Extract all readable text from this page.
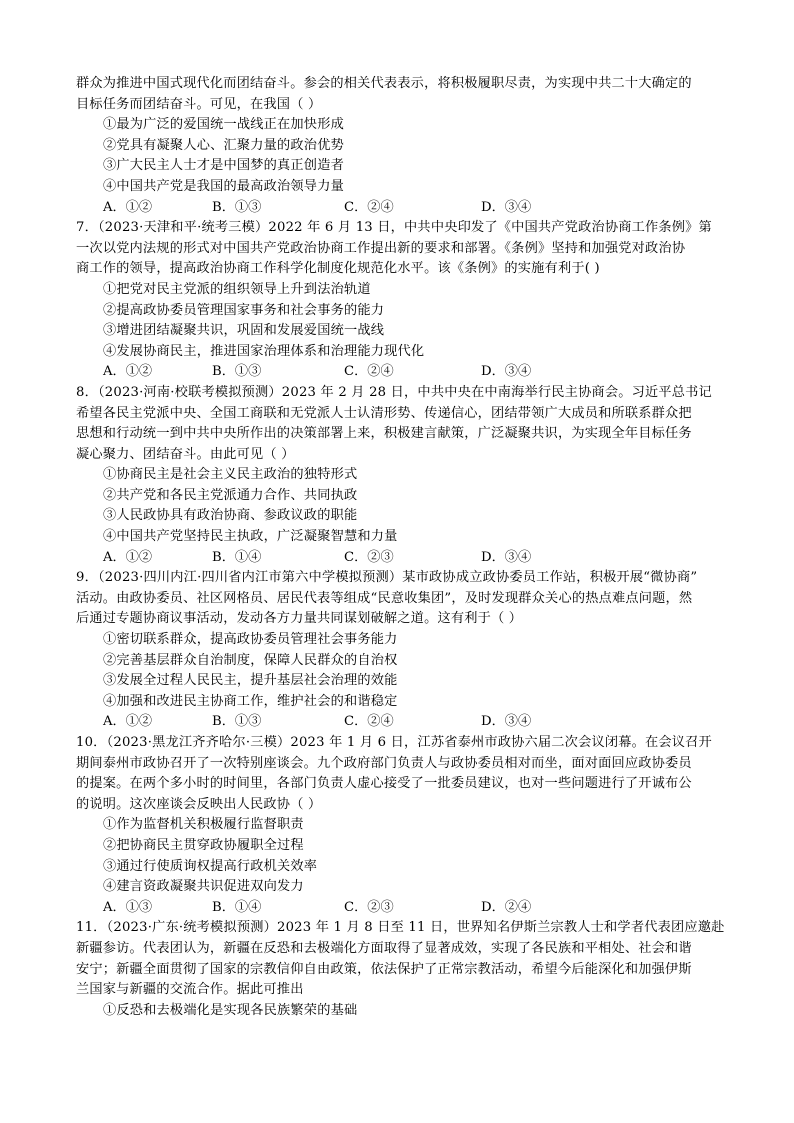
群众为推进中国式现代化而团结奋斗。参会的相关代表表示，将积极履职尽责，为实现中共二十大确定的
目标任务而团结奋斗。可见，在我国（ ）
①最为广泛的爱国统一战线正在加快形成
②党具有凝聚人心、汇聚力量的政治优势
③广大民主人士才是中国梦的真正创造者
④中国共产党是我国的最高政治领导力量
A．①②	B．①③	C．②④	D．③④
7．（2023·天津和平·统考三模）2022 年 6 月 13 日，中共中央印发了《中国共产党政治协商工作条例》第
一次以党内法规的形式对中国共产党政治协商工作提出新的要求和部署。《条例》坚持和加强党对政治协
商工作的领导，提高政治协商工作科学化制度化规范化水平。该《条例》的实施有利于( )
①把党对民主党派的组织领导上升到法治轨道
②提高政协委员管理国家事务和社会事务的能力
③增进团结凝聚共识，巩固和发展爱国统一战线
④发展协商民主，推进国家治理体系和治理能力现代化
A．①②	B．①③	C．②④	D．③④
8．（2023·河南·校联考模拟预测）2023 年 2 月 28 日，中共中央在中南海举行民主协商会。习近平总书记
希望各民主党派中央、全国工商联和无党派人士认清形势、传递信心，团结带领广大成员和所联系群众把
思想和行动统一到中共中央所作出的决策部署上来，积极建言献策，广泛凝聚共识，为实现全年目标任务
凝心聚力、团结奋斗。由此可见（ ）
①协商民主是社会主义民主政治的独特形式
②共产党和各民主党派通力合作、共同执政
③人民政协具有政治协商、参政议政的职能
④中国共产党坚持民主执政，广泛凝聚智慧和力量
A．①②	B．①④	C．②③	D．③④
9．（2023·四川内江·四川省内江市第六中学模拟预测）某市政协成立政协委员工作站，积极开展“微协商”
活动。由政协委员、社区网格员、居民代表等组成“民意收集团”，及时发现群众关心的热点难点问题，然
后通过专题协商议事活动，发动各方力量共同谋划破解之道。这有利于（ ）
①密切联系群众，提高政协委员管理社会事务能力
②完善基层群众自治制度，保障人民群众的自治权
③发展全过程人民民主，提升基层社会治理的效能
④加强和改进民主协商工作，维护社会的和谐稳定
A．①②	B．①③	C．②④	D．③④
10．（2023·黑龙江齐齐哈尔·三模）2023 年 1 月 6 日，江苏省泰州市政协六届二次会议闭幕。在会议召开
期间泰州市政协召开了一次特别座谈会。九个政府部门负责人与政协委员相对而坐，面对面回应政协委员
的提案。在两个多小时的时间里，各部门负责人虚心接受了一批委员建议，也对一些问题进行了开诚布公
的说明。这次座谈会反映出人民政协（ ）
①作为监督机关积极履行监督职责
②把协商民主贯穿政协履职全过程
③通过行使质询权提高行政机关效率
④建言资政凝聚共识促进双向发力
A．①③	B．①④	C．②③	D．②④
11．（2023·广东·统考模拟预测）2023 年 1 月 8 日至 11 日，世界知名伊斯兰宗教人士和学者代表团应邀赴
新疆参访。代表团认为，新疆在反恐和去极端化方面取得了显著成效，实现了各民族和平相处、社会和谐
安宁；新疆全面贯彻了国家的宗教信仰自由政策，依法保护了正常宗教活动，希望今后能深化和加强伊斯
兰国家与新疆的交流合作。据此可推出
①反恐和去极端化是实现各民族繁荣的基础
